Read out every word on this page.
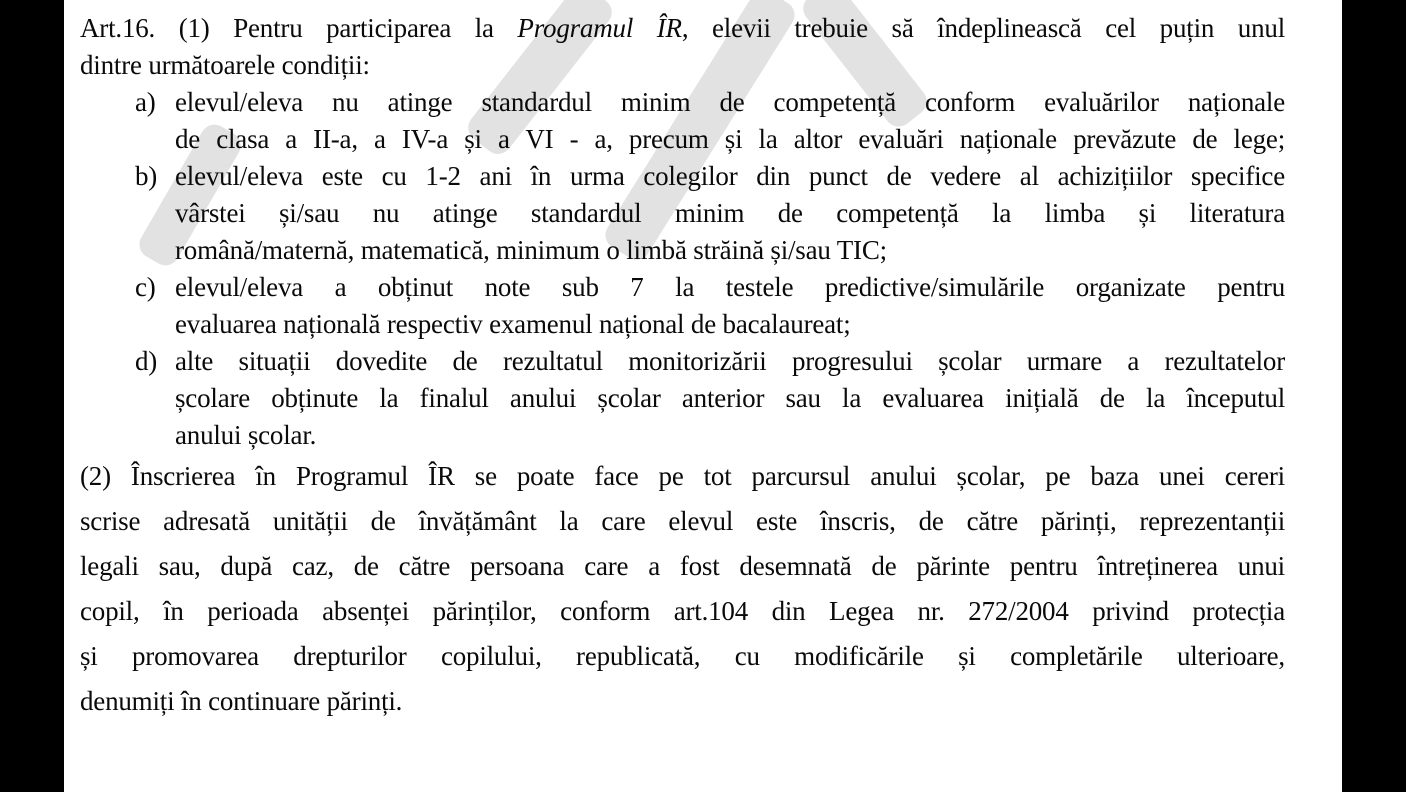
Art.16. (1) Pentru participarea la Programul ÎR, elevii trebuie să îndeplinească cel puțin unul
dintre următoarele condiții:
a) elevul/eleva nu atinge standardul minim de competență conform evaluărilor naționale
de clasa a II-a, a IV-a și a VI - a, precum și la altor evaluări naționale prevăzute de lege;
b) elevul/eleva este cu 1-2 ani în urma colegilor din punct de vedere al achizițiilor specifice
vârstei și/sau nu atinge standardul minim de competență la limba și literatura
română/maternă, matematică, minimum o limbă străină și/sau TIC;
c) elevul/eleva a obținut note sub 7 la testele predictive/simulările organizate pentru
evaluarea națională respectiv examenul național de bacalaureat;
d) alte situații dovedite de rezultatul monitorizării progresului școlar urmare a rezultatelor
școlare obținute la finalul anului școlar anterior sau la evaluarea inițială de la începutul
anului școlar.
(2) Înscrierea în Programul ÎR se poate face pe tot parcursul anului școlar, pe baza unei cereri
scrise adresată unității de învățământ la care elevul este înscris, de către părinți, reprezentanții
legali sau, după caz, de către persoana care a fost desemnată de părinte pentru întreținerea unui
copil, în perioada absenței părinților, conform art.104 din Legea nr. 272/2004 privind protecția
și promovarea drepturilor copilului, republicată, cu modificările și completările ulterioare,
denumiți în continuare părinți.
